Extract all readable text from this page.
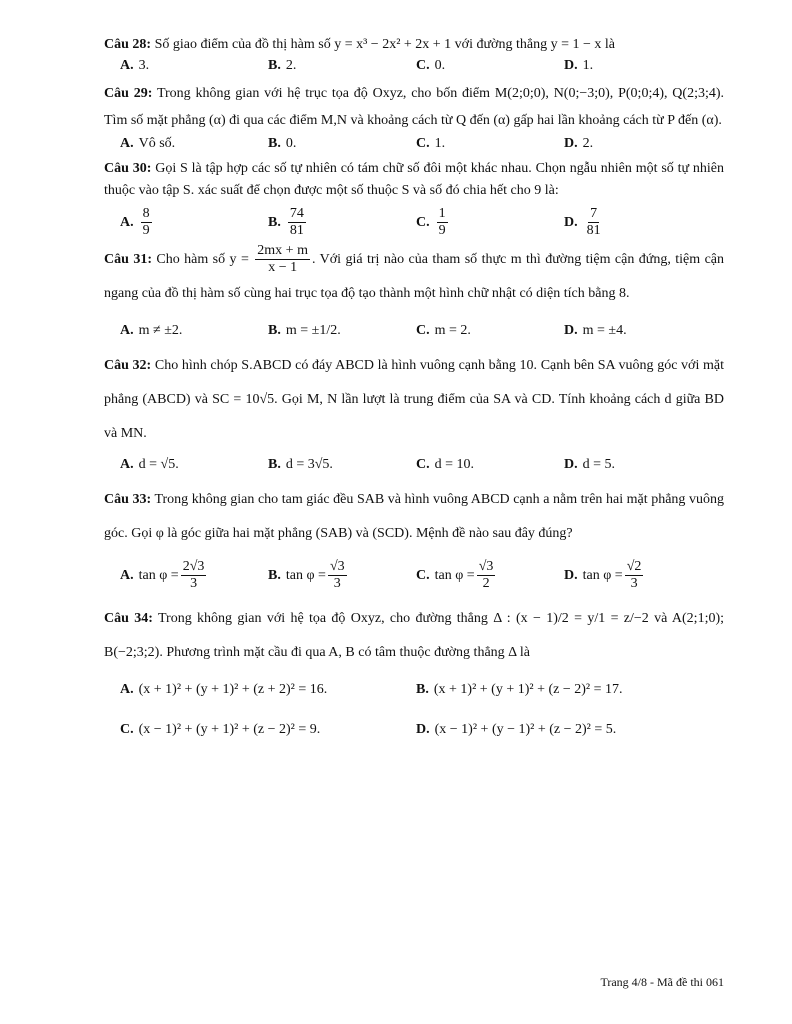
Câu 28: Số giao điểm của đồ thị hàm số y = x³ − 2x² + 2x + 1 với đường thẳng y = 1 − x là

A. 3.	B. 2.	C. 0.	D. 1.

Câu 29: Trong không gian với hệ trục tọa độ Oxyz, cho bốn điểm M(2;0;0), N(0;−3;0), P(0;0;4), Q(2;3;4). Tìm số mặt phẳng (α) đi qua các điểm M,N và khoảng cách từ Q đến (α) gấp hai lần khoảng cách từ P đến (α).

A. Vô số.	B. 0.	C. 1.	D. 2.

Câu 30: Gọi S là tập hợp các số tự nhiên có tám chữ số đôi một khác nhau. Chọn ngẫu nhiên một số tự nhiên thuộc vào tập S. xác suất để chọn được một số thuộc S và số đó chia hết cho 9 là:

A. $\frac{8}{9}$	B. $\frac{74}{81}$	C. $\frac{1}{9}$	D. $\frac{7}{81}$

Câu 31: Cho hàm số $y = \frac{2mx + m}{x - 1}$ . Với giá trị nào của tham số thực m thì đường tiệm cận đứng, tiệm cận ngang của đồ thị hàm số cùng hai trục tọa độ tạo thành một hình chữ nhật có diện tích bằng 8.

A. m ≠ ±2.	B. m = ±1/2.	C. m = 2.	D. m = ±4.

Câu 32: Cho hình chóp S.ABCD có đáy ABCD là hình vuông cạnh bằng 10. Cạnh bên SA vuông góc với mặt phẳng (ABCD) và SC = 10√5. Gọi M, N lần lượt là trung điểm của SA và CD. Tính khoảng cách d giữa BD và MN.

A. d = √5.	B. d = 3√5.	C. d = 10.	D. d = 5.

Câu 33: Trong không gian cho tam giác đều SAB và hình vuông ABCD cạnh a nằm trên hai mặt phẳng vuông góc. Gọi φ là góc giữa hai mặt phẳng (SAB) và (SCD). Mệnh đề nào sau đây đúng?

A. $\tan \varphi = \frac{2√3}{3}$	B. $\tan \varphi = \frac{√3}{3}$	C. $\tan \varphi = \frac{√3}{2}$	D. $\tan \varphi = \frac{√2}{3}$

Câu 34: Trong không gian với hệ tọa độ Oxyz, cho đường thẳng Δ : (x − 1)/2 = y/1 = z/−2 và A(2;1;0); B(−2;3;2). Phương trình mặt cầu đi qua A, B có tâm thuộc đường thẳng Δ là

A. (x + 1)² + (y + 1)² + (z + 2)² = 16.	B. (x + 1)² + (y + 1)² + (z − 2)² = 17.
C. (x − 1)² + (y + 1)² + (z − 2)² = 9.	D. (x − 1)² + (y − 1)² + (z − 2)² = 5.
Trang 4/8 - Mã đề thi 061
